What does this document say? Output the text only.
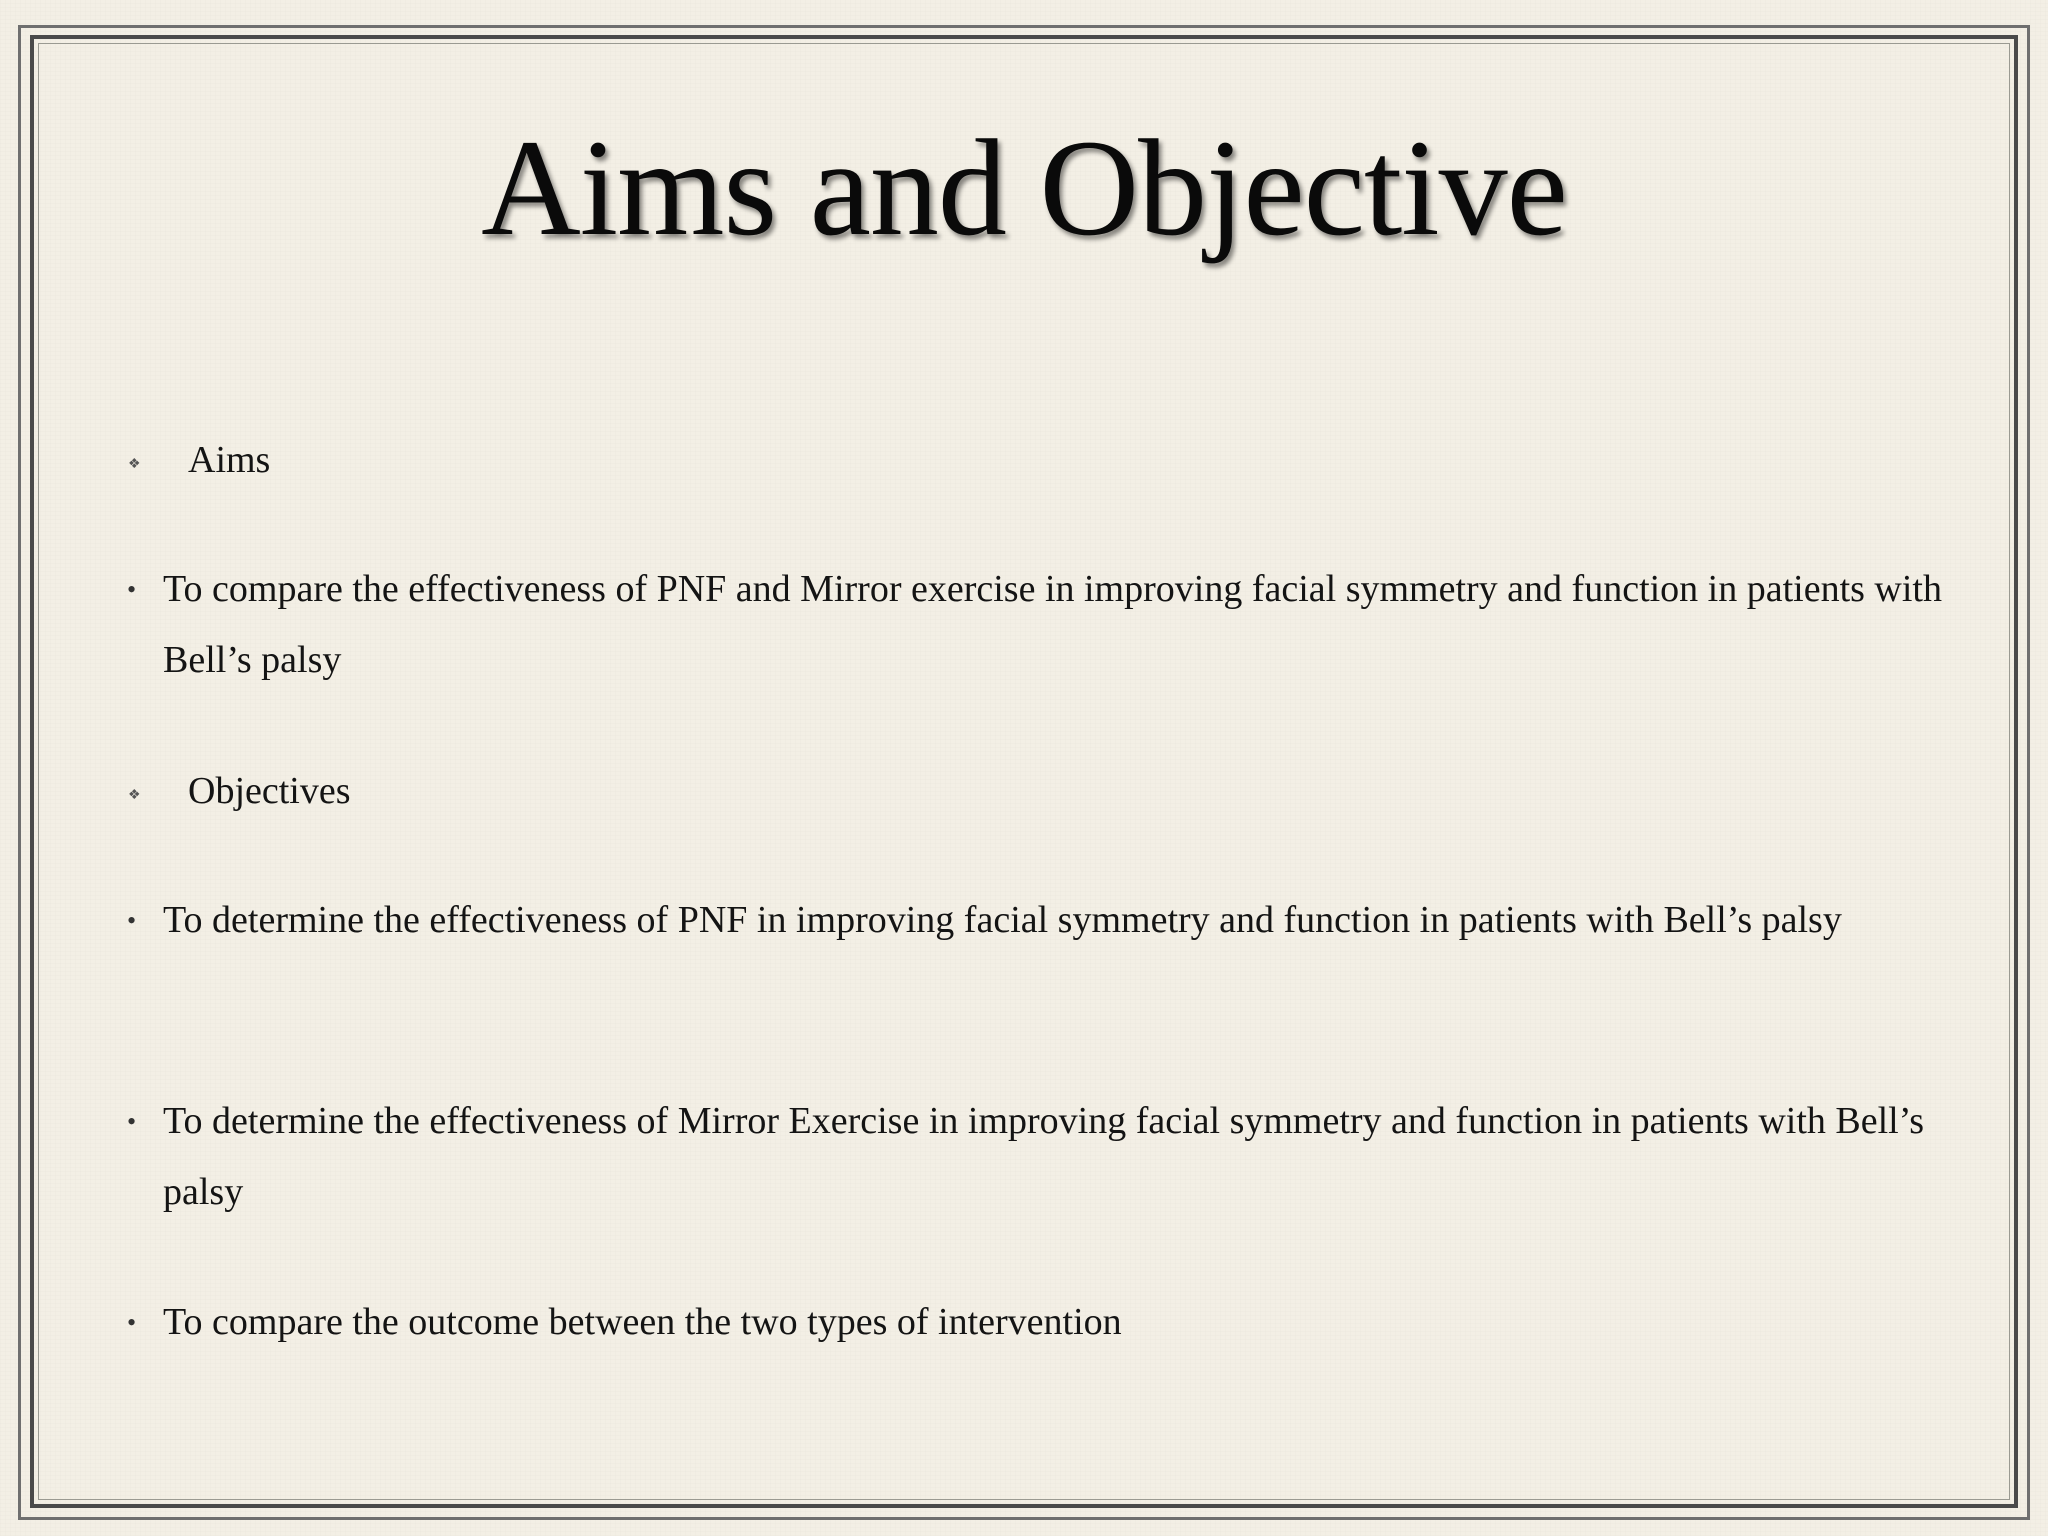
Aims and Objective
❖ Aims
• To compare the effectiveness of PNF and Mirror exercise in improving facial symmetry and function in patients with Bell’s palsy
❖ Objectives
• To determine the effectiveness of PNF in improving facial symmetry and function in patients with Bell’s palsy
• To determine the effectiveness of Mirror Exercise in improving facial symmetry and function in patients with Bell’s palsy
• To compare the outcome between the two types of intervention
